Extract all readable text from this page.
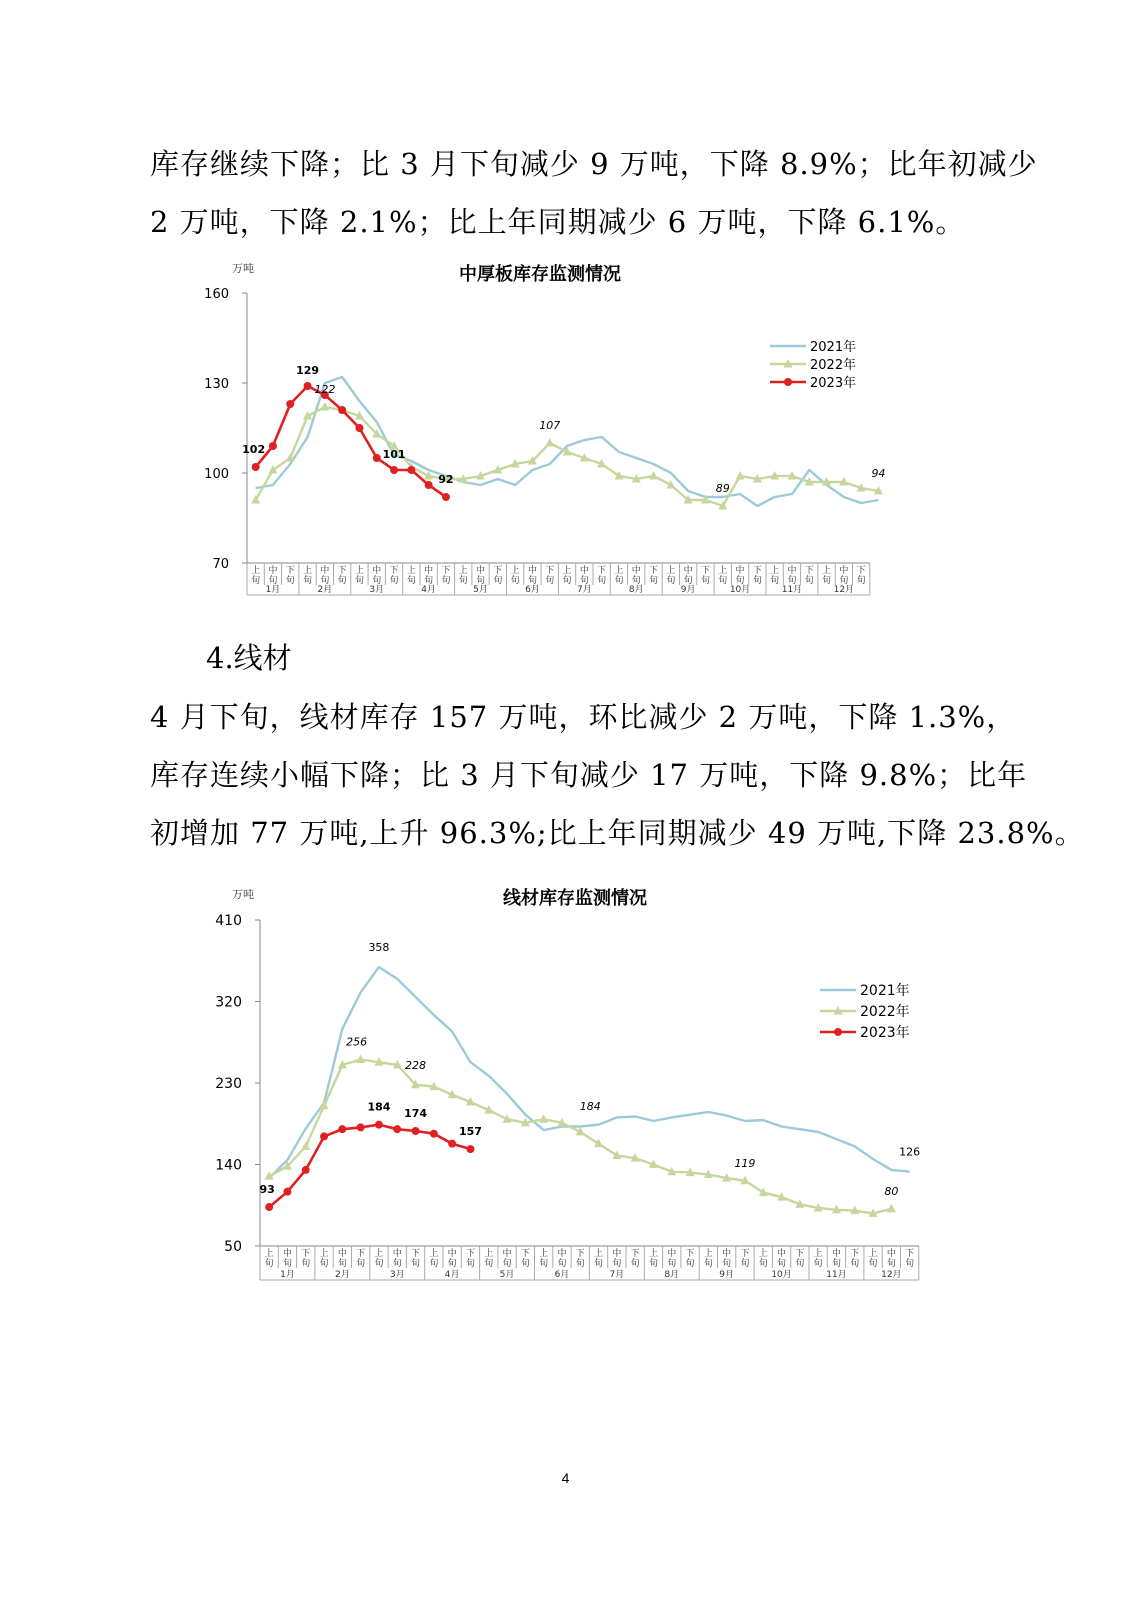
库存继续下降；比 3 月下旬减少 9 万吨，下降 8.9%；比年初减少
2 万吨，下降 2.1%；比上年同期减少 6 万吨，下降 6.1%。

中厚板库存监测情况
万吨
70
100
130
160
上
旬
中
旬
下
旬
上
旬
中
旬
下
旬
上
旬
中
旬
下
旬
上
旬
中
旬
下
旬
上
旬
中
旬
下
旬
上
旬
中
旬
下
旬
上
旬
中
旬
下
旬
上
旬
中
旬
下
旬
上
旬
中
旬
下
旬
上
旬
中
旬
下
旬
上
旬
中
旬
下
旬
上
旬
中
旬
下
旬
1月	2月	3月	4月	5月	6月	7月	8月	9月	10月	11月	12月
102
129
101
92
122
107
89
94
2021年
2022年
2023年
4.线材

4 月下旬，线材库存 157 万吨，环比减少 2 万吨，下降 1.3%，
库存连续小幅下降；比 3 月下旬减少 17 万吨，下降 9.8%；比年
初增加 77 万吨,上升 96.3%;比上年同期减少 49 万吨,下降 23.8%。

线材库存监测情况
万吨
50
140
230
320
410
上
旬
中
旬
下
旬
上
旬
中
旬
下
旬
上
旬
中
旬
下
旬
上
旬
中
旬
下
旬
上
旬
中
旬
下
旬
上
旬
中
旬
下
旬
上
旬
中
旬
下
旬
上
旬
中
旬
下
旬
上
旬
中
旬
下
旬
上
旬
中
旬
下
旬
上
旬
中
旬
下
旬
上
旬
中
旬
下
旬
1月	2月	3月	4月	5月	6月	7月	8月	9月	10月	11月	12月
93
184 174
157
358
126
256
228
184
119
80
2021年
2022年
2023年
4
